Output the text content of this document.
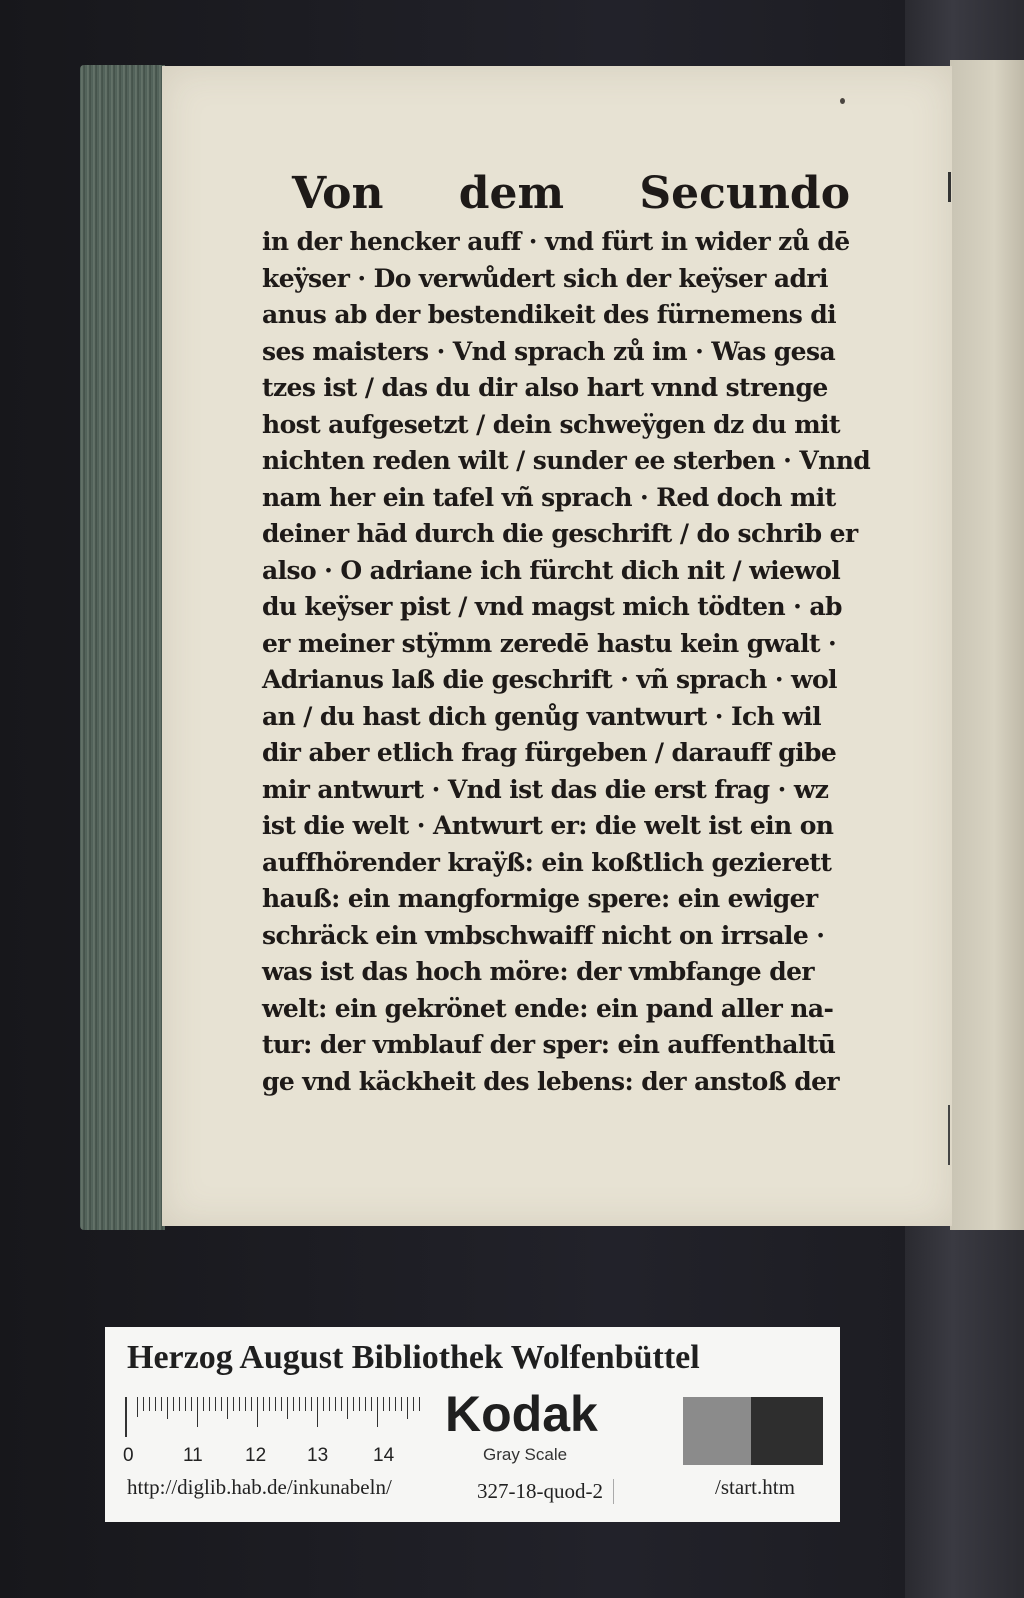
Von dem Secundo
in der hencker auff · vnd fürt in wider zů dē
keÿser · Do verwůdert sich der keÿser adri
anus ab der bestendikeit des fürnemens di
ses maisters · Vnd sprach zů im · Was gesa
tzes ist / das du dir also hart vnnd strenge
host aufgesetzt / dein schweÿgen dz du mit
nichten reden wilt / sunder ee sterben · Vnnd
nam her ein tafel vñ sprach · Red doch mit
deiner hād durch die geschrift / do schrib er
also · O adriane ich fürcht dich nit / wiewol
du keÿser pist / vnd magst mich tödten · ab
er meiner stÿmm zeredē hastu kein gwalt ·
Adrianus laß die geschrift · vñ sprach · wol
an / du hast dich genůg vantwurt · Ich wil
dir aber etlich frag fürgeben / darauff gibe
mir antwurt · Vnd ist das die erst frag · wz
ist die welt · Antwurt er: die welt ist ein on
auffhörender kraÿß: ein koßtlich gezierett
hauß: ein mangformige spere: ein ewiger
schräck ein vmbschwaiff nicht on irrsale ·
was ist das hoch möre: der vmbfange der
welt: ein gekrönet ende: ein pand aller na-
tur: der vmblauf der sper: ein auffenthaltū
ge vnd käckheit des lebens: der anstoß der
Herzog August Bibliothek Wolfenbüttel
0	11 12 13 14
Kodak
Gray Scale
http://diglib.hab.de/inkunabeln/	327-18-quod-2	/start.htm
